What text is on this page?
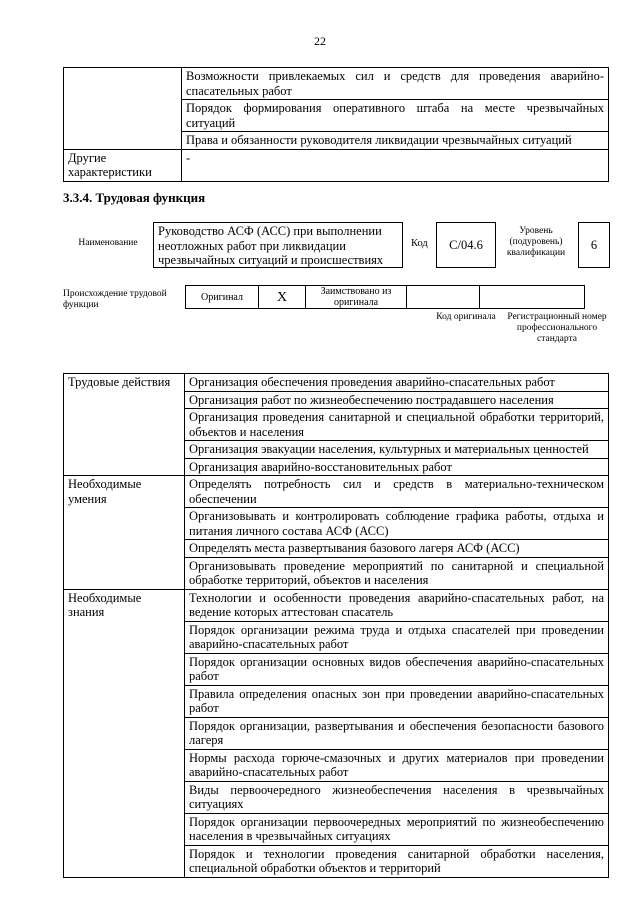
22
	Возможности привлекаемых сил и средств для проведения аварийно-спасательных работ
	Порядок формирования оперативного штаба на месте чрезвычайных ситуаций
	Права и обязанности руководителя ликвидации чрезвычайных ситуаций
Другие характеристики	-
3.3.4. Трудовая функция
Наименование
Руководство АСФ (АСС) при выполнении неотложных работ при ликвидации чрезвычайных ситуаций и происшествиях
Код	C/04.6
Уровень (подуровень) квалификации
6
Происхождение трудовой функции
Оригинал	X	Заимствовано из оригинала		
Код оригинала	Регистрационный номер профессионального стандарта
Трудовые действия	Организация обеспечения проведения аварийно-спасательных работ
	Организация работ по жизнеобеспечению пострадавшего населения
	Организация проведения санитарной и специальной обработки территорий, объектов и населения
	Организация эвакуации населения, культурных и материальных ценностей
	Организация аварийно-восстановительных работ
Необходимые умения	Определять потребность сил и средств в материально-техническом обеспечении
	Организовывать и контролировать соблюдение графика работы, отдыха и питания личного состава АСФ (АСС)
	Определять места развертывания базового лагеря АСФ (АСС)
	Организовывать проведение мероприятий по санитарной и специальной обработке территорий, объектов и населения
Необходимые знания	Технологии и особенности проведения аварийно-спасательных работ, на ведение которых аттестован спасатель
	Порядок организации режима труда и отдыха спасателей при проведении аварийно-спасательных работ
	Порядок организации основных видов обеспечения аварийно-спасательных работ
	Правила определения опасных зон при проведении аварийно-спасательных работ
	Порядок организации, развертывания и обеспечения безопасности базового лагеря
	Нормы расхода горюче-смазочных и других материалов при проведении аварийно-спасательных работ
	Виды первоочередного жизнеобеспечения населения в чрезвычайных ситуациях
	Порядок организации первоочередных мероприятий по жизнеобеспечению населения в чрезвычайных ситуациях
	Порядок и технологии проведения санитарной обработки населения, специальной обработки объектов и территорий
